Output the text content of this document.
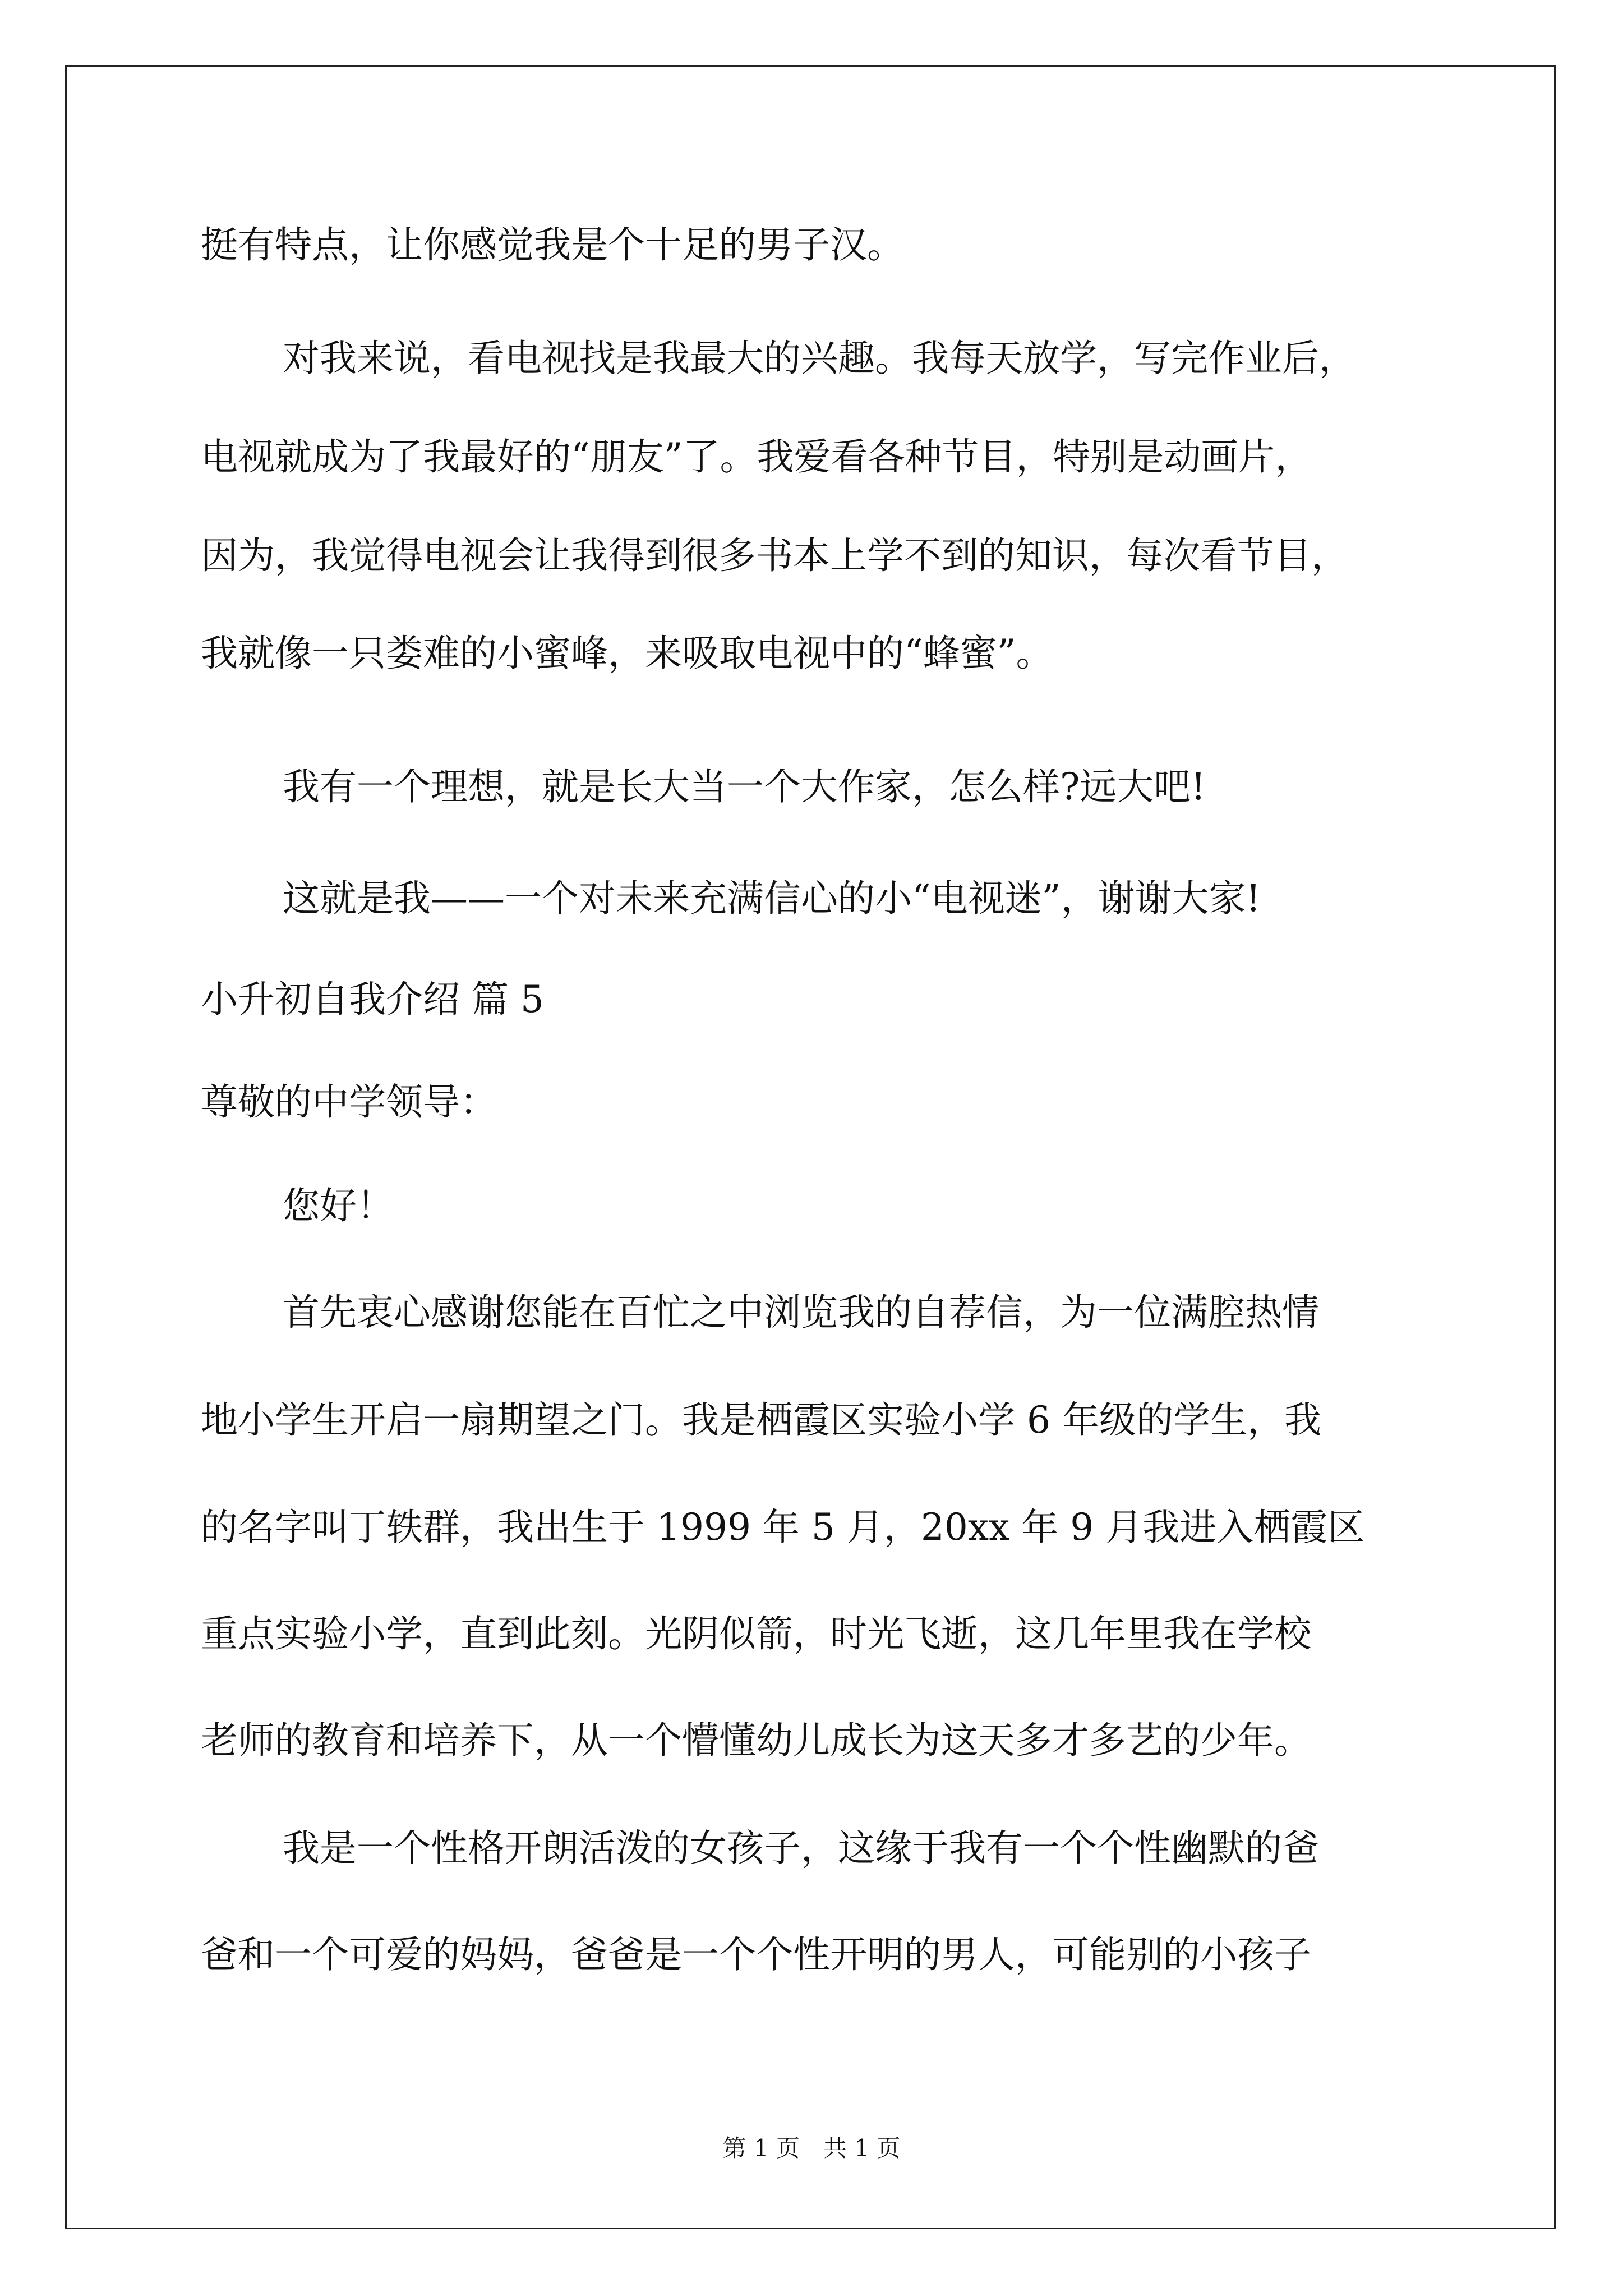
挺有特点，让你感觉我是个十足的男子汉。
对我来说，看电视找是我最大的兴趣。我每天放学，写完作业后，
电视就成为了我最好的“朋友”了。我爱看各种节目，特别是动画片，
因为，我觉得电视会让我得到很多书本上学不到的知识，每次看节目，
我就像一只娄难的小蜜峰，来吸取电视中的“蜂蜜”。
我有一个理想，就是长大当一个大作家，怎么样?远大吧!
这就是我——一个对未来充满信心的小“电视迷”，谢谢大家!
小升初自我介绍 篇 5
尊敬的中学领导：
您好！
首先衷心感谢您能在百忙之中浏览我的自荐信，为一位满腔热情
地小学生开启一扇期望之门。我是栖霞区实验小学 6 年级的学生，我
的名字叫丁轶群，我出生于 1999 年 5 月，20xx 年 9 月我进入栖霞区
重点实验小学，直到此刻。光阴似箭，时光飞逝，这几年里我在学校
老师的教育和培养下，从一个懵懂幼儿成长为这天多才多艺的少年。
我是一个性格开朗活泼的女孩子，这缘于我有一个个性幽默的爸
爸和一个可爱的妈妈，爸爸是一个个性开明的男人，可能别的小孩子
第 1 页　共 1 页
